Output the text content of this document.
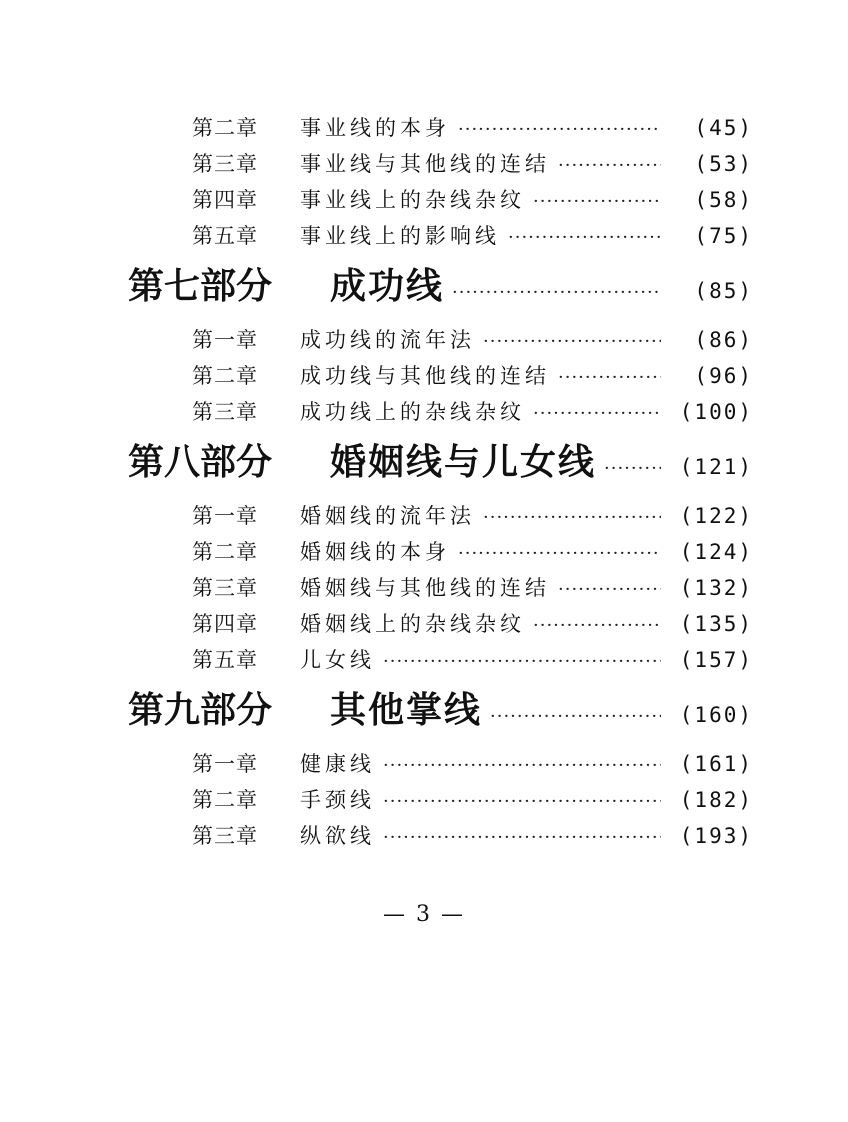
第二章	事业线的本身 ·····	(45)
第三章	事业线与其他线的连结 ·····	(53)
第四章	事业线上的杂线杂纹 ·····	(58)
第五章	事业线上的影响线 ·····	(75)
第七部分	成功线 ·····	(85)
第一章	成功线的流年法 ·····	(86)
第二章	成功线与其他线的连结 ·····	(96)
第三章	成功线上的杂线杂纹 ·····	(100)
第八部分	婚姻线与儿女线 ·····	(121)
第一章	婚姻线的流年法 ·····	(122)
第二章	婚姻线的本身 ·····	(124)
第三章	婚姻线与其他线的连结 ·····	(132)
第四章	婚姻线上的杂线杂纹 ·····	(135)
第五章	儿女线 ·····	(157)
第九部分	其他掌线 ·····	(160)
第一章	健康线 ·····	(161)
第二章	手颈线 ·····	(182)
第三章	纵欲线 ·····	(193)
— 3 —
